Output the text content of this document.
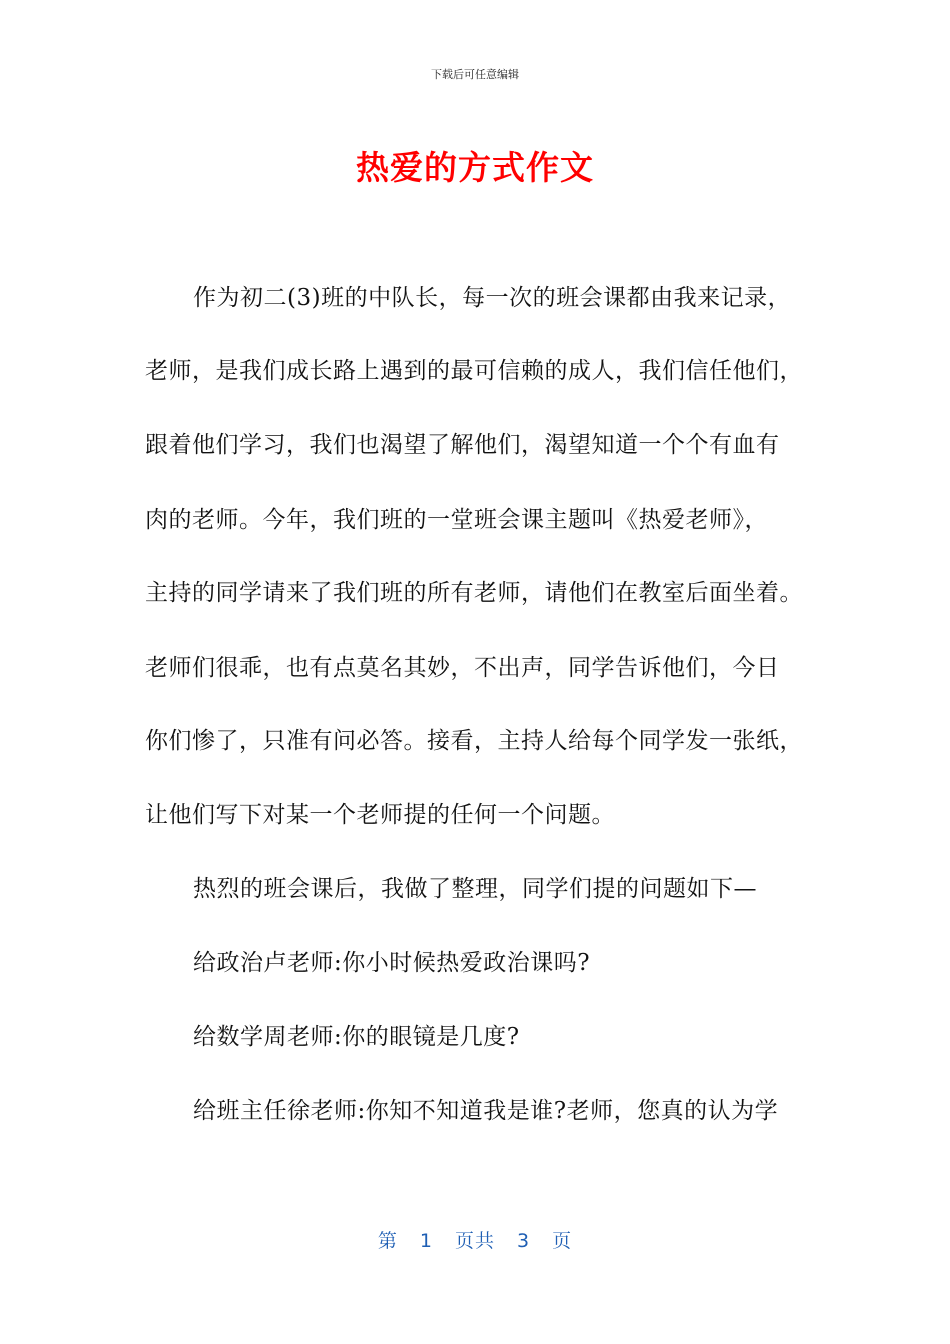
下载后可任意编辑
热爱的方式作文
作为初二(3)班的中队长，每一次的班会课都由我来记录，
老师，是我们成长路上遇到的最可信赖的成人，我们信任他们，
跟着他们学习，我们也渴望了解他们，渴望知道一个个有血有
肉的老师。今年，我们班的一堂班会课主题叫《热爱老师》，
主持的同学请来了我们班的所有老师，请他们在教室后面坐着。
老师们很乖，也有点莫名其妙，不出声，同学告诉他们，今日
你们惨了，只准有问必答。接看，主持人给每个同学发一张纸，
让他们写下对某一个老师提的任何一个问题。
热烈的班会课后，我做了整理，同学们提的问题如下—
给政治卢老师:你小时候热爱政治课吗?
给数学周老师:你的眼镜是几度?
给班主任徐老师:你知不知道我是谁?老师，您真的认为学
第 1 页共 3 页
